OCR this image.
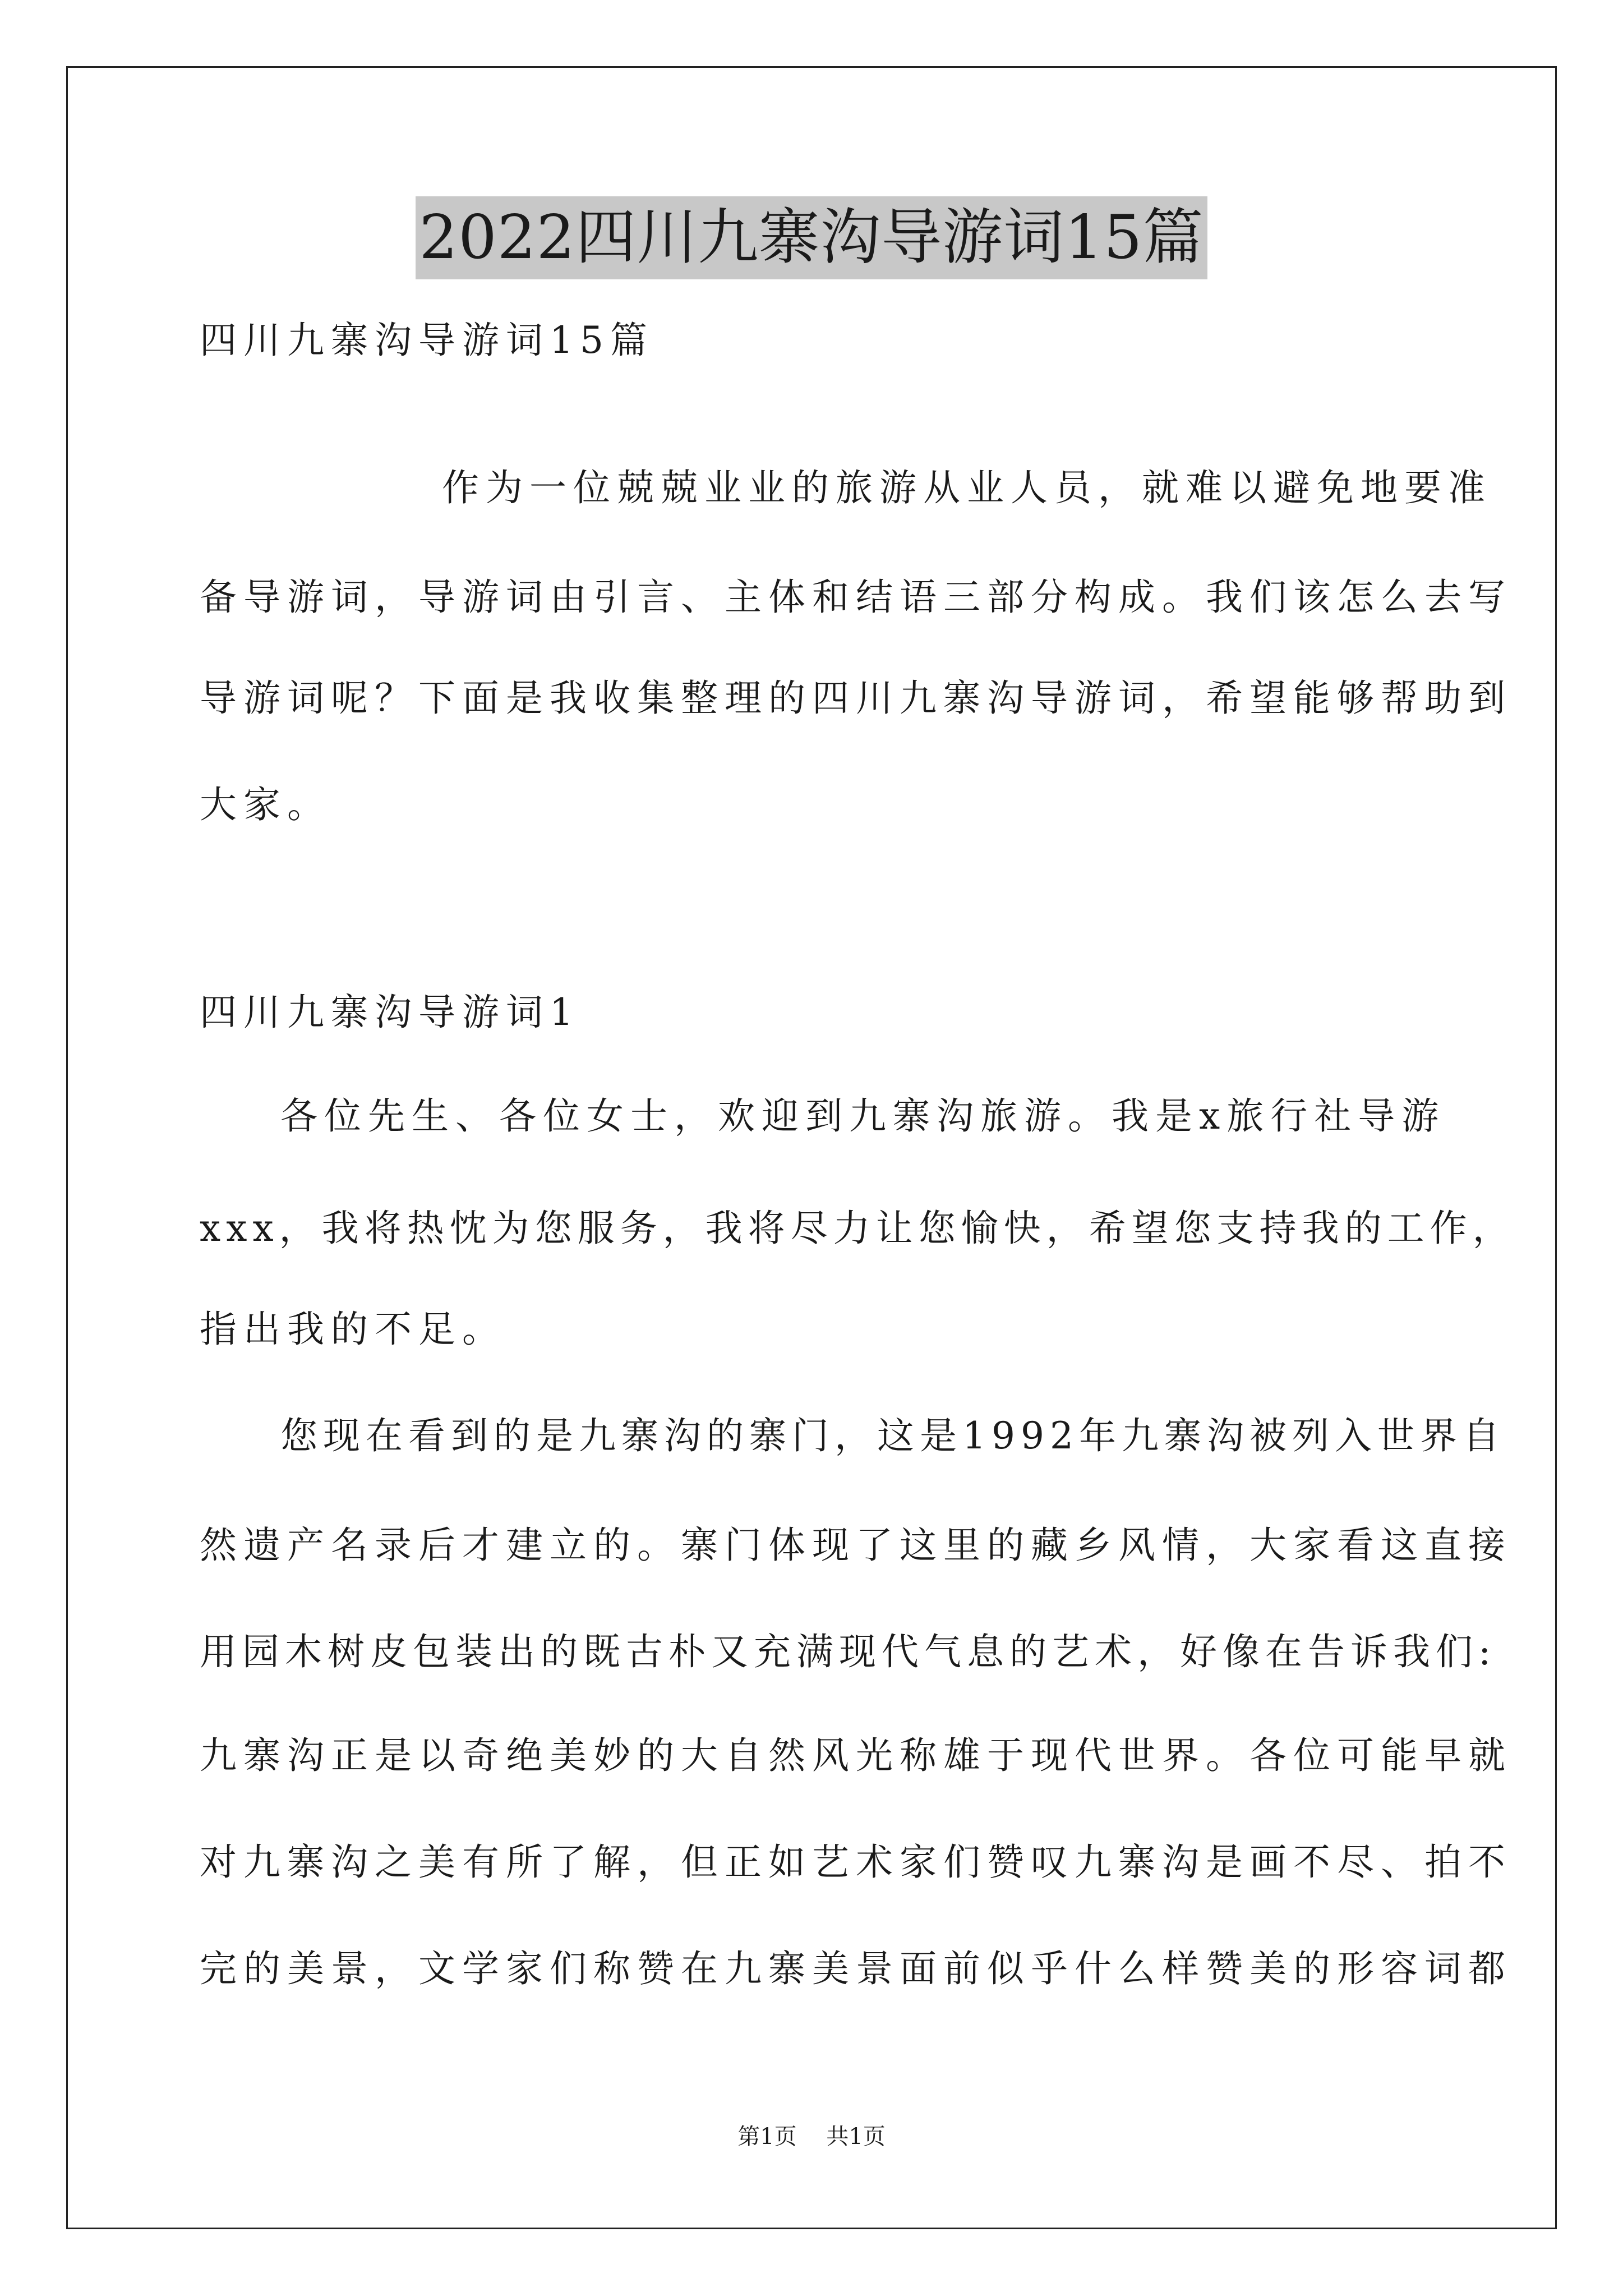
2022四川九寨沟导游词15篇
四川九寨沟导游词15篇
作为一位兢兢业业的旅游从业人员，就难以避免地要准
备导游词，导游词由引言、主体和结语三部分构成。我们该怎么去写
导游词呢？下面是我收集整理的四川九寨沟导游词，希望能够帮助到
大家。
四川九寨沟导游词1
各位先生、各位女士，欢迎到九寨沟旅游。我是x旅行社导游
xxx，我将热忱为您服务，我将尽力让您愉快，希望您支持我的工作，
指出我的不足。
您现在看到的是九寨沟的寨门，这是1992年九寨沟被列入世界自
然遗产名录后才建立的。寨门体现了这里的藏乡风情，大家看这直接
用园木树皮包装出的既古朴又充满现代气息的艺术，好像在告诉我们:
九寨沟正是以奇绝美妙的大自然风光称雄于现代世界。各位可能早就
对九寨沟之美有所了解，但正如艺术家们赞叹九寨沟是画不尽、拍不
完的美景，文学家们称赞在九寨美景面前似乎什么样赞美的形容词都
第1页 共1页
